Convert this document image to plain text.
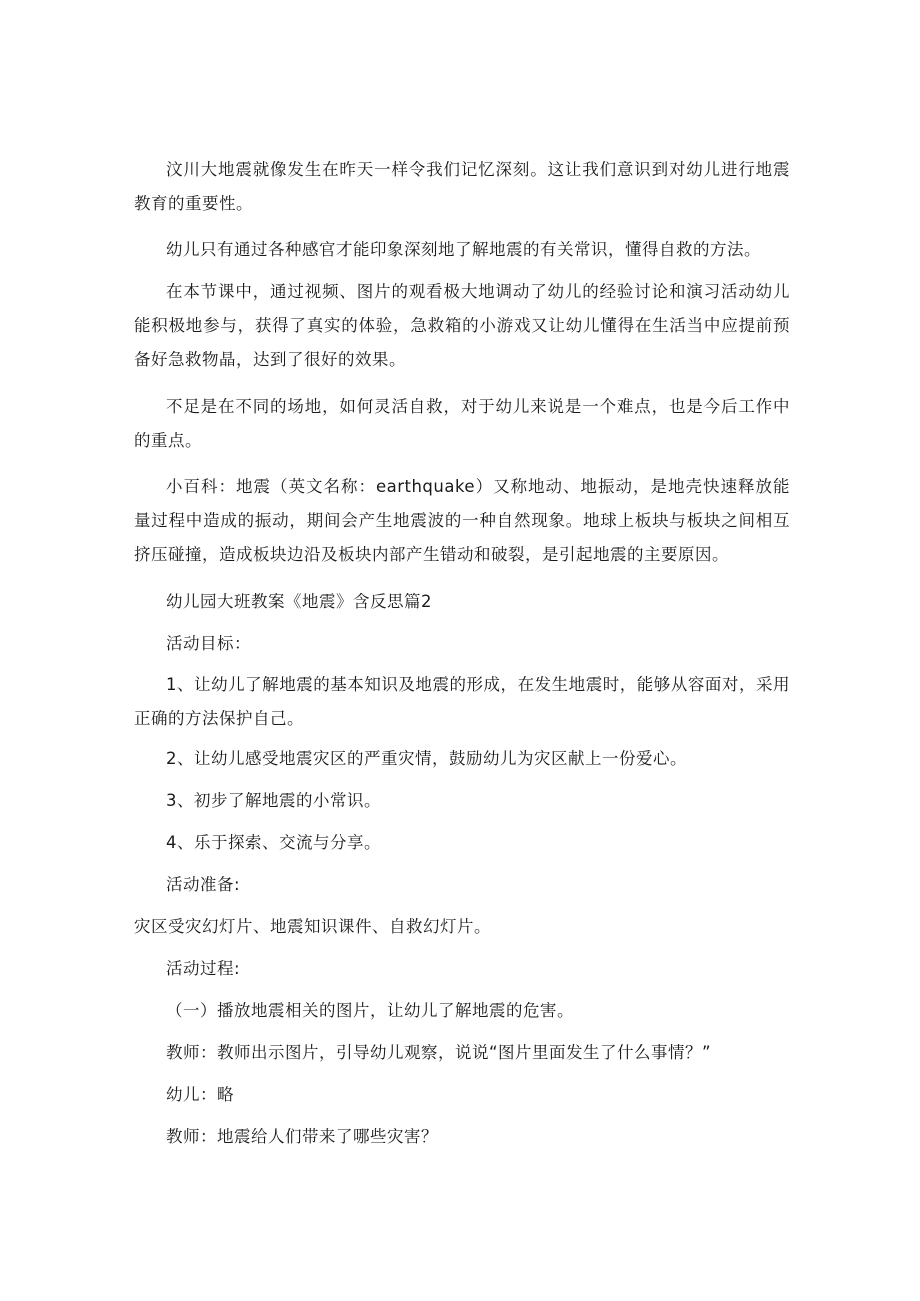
汶川大地震就像发生在昨天一样令我们记忆深刻。这让我们意识到对幼儿进行地震教育的重要性。

幼儿只有通过各种感官才能印象深刻地了解地震的有关常识，懂得自救的方法。

在本节课中，通过视频、图片的观看极大地调动了幼儿的经验讨论和演习活动幼儿能积极地参与，获得了真实的体验，急救箱的小游戏又让幼儿懂得在生活当中应提前预备好急救物晶，达到了很好的效果。

不足是在不同的场地，如何灵活自救，对于幼儿来说是一个难点，也是今后工作中的重点。

小百科：地震（英文名称：earthquake）又称地动、地振动，是地壳快速释放能量过程中造成的振动，期间会产生地震波的一种自然现象。地球上板块与板块之间相互挤压碰撞，造成板块边沿及板块内部产生错动和破裂，是引起地震的主要原因。

幼儿园大班教案《地震》含反思篇2

活动目标：

1、让幼儿了解地震的基本知识及地震的形成，在发生地震时，能够从容面对，采用正确的方法保护自己。

2、让幼儿感受地震灾区的严重灾情，鼓励幼儿为灾区献上一份爱心。

3、初步了解地震的小常识。

4、乐于探索、交流与分享。

活动准备:

灾区受灾幻灯片、地震知识课件、自救幻灯片。

活动过程:

（一）播放地震相关的图片，让幼儿了解地震的危害。

教师：教师出示图片，引导幼儿观察，说说“图片里面发生了什么事情？”

幼儿：略

教师：地震给人们带来了哪些灾害？
